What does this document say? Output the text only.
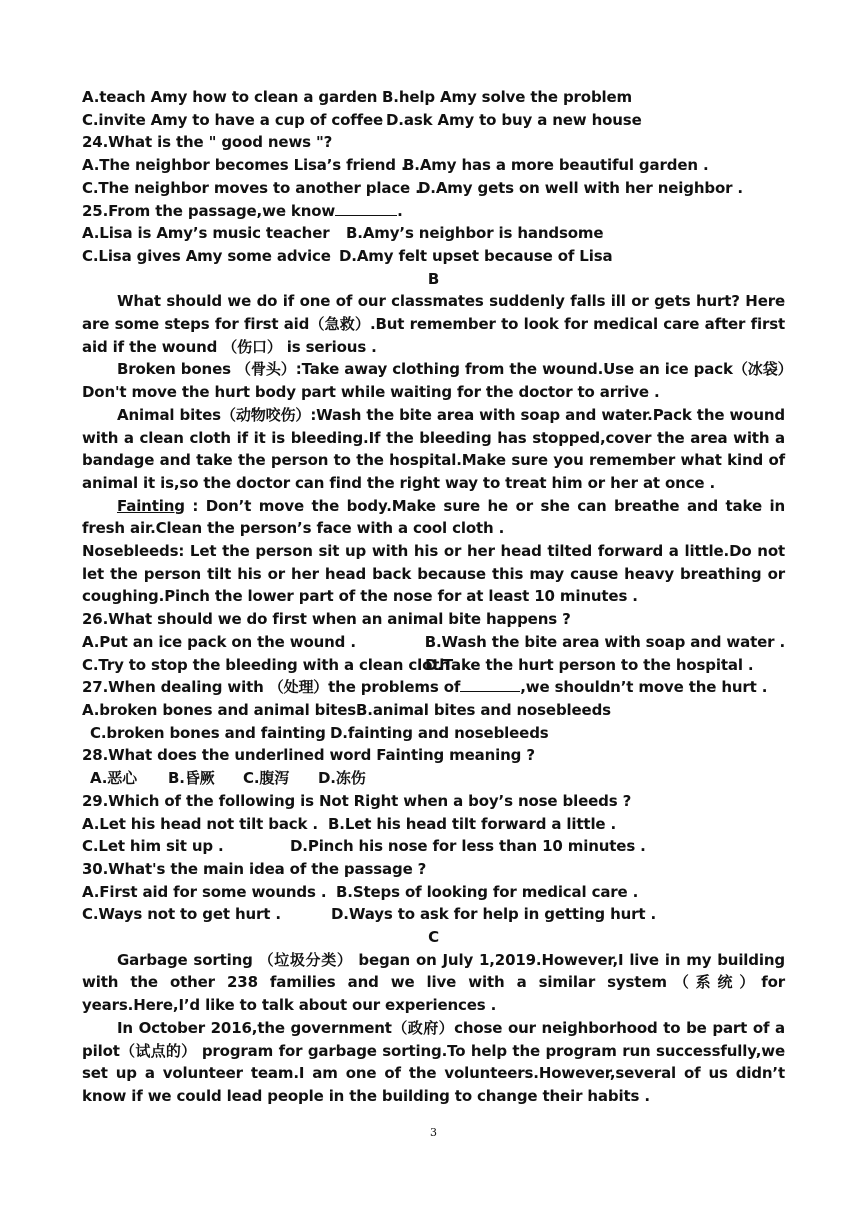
A.teach Amy how to clean a garden B.help Amy solve the problem
C.invite Amy to have a cup of coffee D.ask Amy to buy a new house
24.What is the " good news "?
A.The neighbor becomes Lisa’s friend .
B.Amy has a more beautiful garden .
C.The neighbor moves to another place .
D.Amy gets on well with her neighbor .
25.From the passage,we know	.
A.Lisa is Amy’s music teacher	B.Amy’s neighbor is handsome
C.Lisa gives Amy some advice D.Amy felt upset because of Lisa
B
What should we do if one of our classmates suddenly falls ill or gets hurt? Here are some steps for first aid（急救）.But remember to look for medical care after first aid if the wound （伤口） is serious .
Broken bones （骨头）:Take away clothing from the wound.Use an ice pack（冰袋）Don't move the hurt body part while waiting for the doctor to arrive .
Animal bites（动物咬伤）:Wash the bite area with soap and water.Pack the wound with a clean cloth if it is bleeding.If the bleeding has stopped,cover the area with a bandage and take the person to the hospital.Make sure you remember what kind of animal it is,so the doctor can find the right way to treat him or her at once .
Fainting : Don’t move the body.Make sure he or she can breathe and take in fresh air.Clean the person’s face with a cool cloth .
Nosebleeds: Let the person sit up with his or her head tilted forward a little.Do not let the person tilt his or her head back because this may cause heavy breathing or coughing.Pinch the lower part of the nose for at least 10 minutes .
26.What should we do first when an animal bite happens ?
A.Put an ice pack on the wound .	B.Wash the bite area with soap and water .
C.Try to stop the bleeding with a clean cloth .
D.Take the hurt person to the hospital .
27.When dealing with （处理）the problems of	,we shouldn’t move the hurt .
A.broken bones and animal bites B.animal bites and nosebleeds
C.broken bones and fainting D.fainting and nosebleeds
28.What does the underlined word Fainting meaning ?
A.恶心	B.昏厥	C.腹泻	D.冻伤
29.Which of the following is Not Right when a boy’s nose bleeds ?
A.Let his head not tilt back . B.Let his head tilt forward a little .
C.Let him sit up .	D.Pinch his nose for less than 10 minutes .
30.What's the main idea of the passage ?
A.First aid for some wounds . B.Steps of looking for medical care .
C.Ways not to get hurt .	D.Ways to ask for help in getting hurt .
C
Garbage sorting （垃圾分类） began on July 1,2019.However,I live in my building with the other 238 families and we live with a similar system（系统）for years.Here,I’d like to talk about our experiences .
In October 2016,the government（政府）chose our neighborhood to be part of a pilot（试点的） program for garbage sorting.To help the program run successfully,we set up a volunteer team.I am one of the volunteers.However,several of us didn’t know if we could lead people in the building to change their habits .
3
